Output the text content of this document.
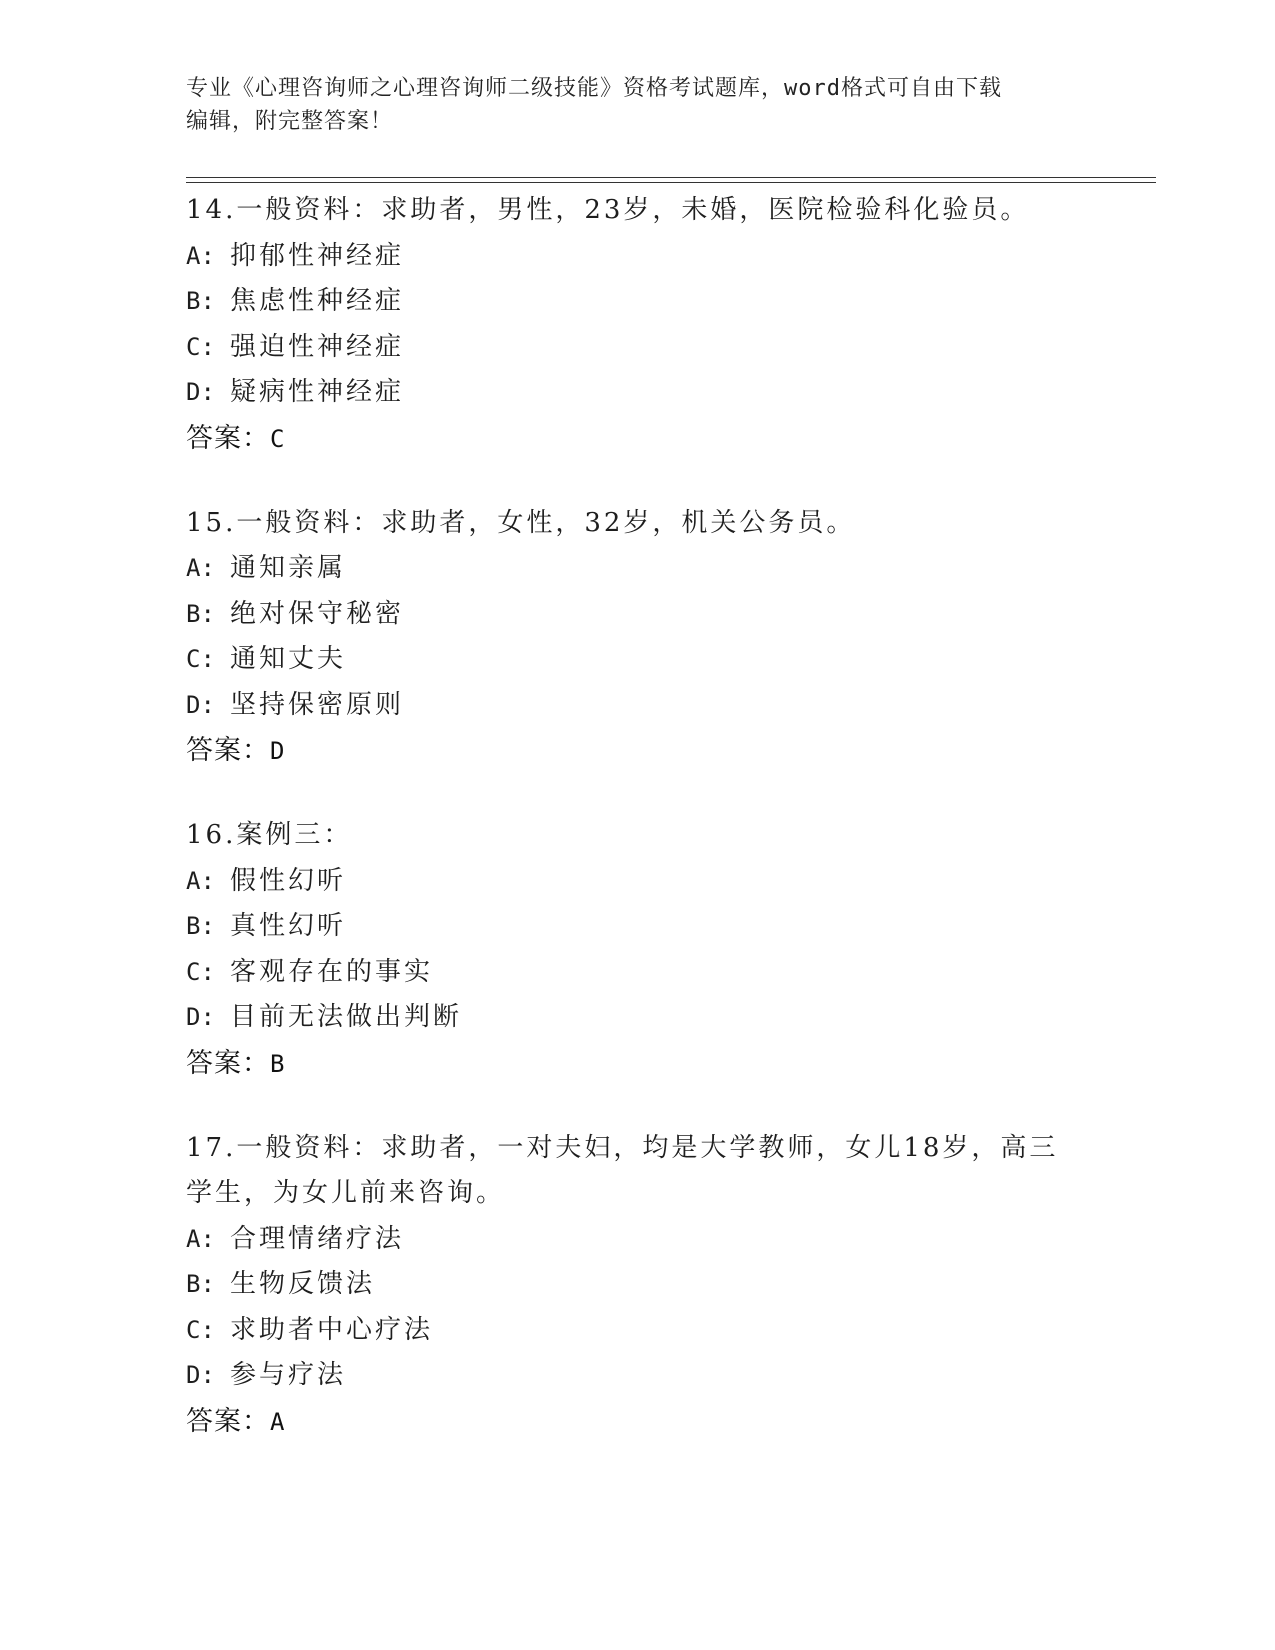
专业《心理咨询师之心理咨询师二级技能》资格考试题库，word格式可自由下载
编辑，附完整答案！
14.一般资料：求助者，男性，23岁，未婚，医院检验科化验员。
A: 抑郁性神经症
B: 焦虑性种经症
C: 强迫性神经症
D: 疑病性神经症
答案：C
15.一般资料：求助者，女性，32岁，机关公务员。
A: 通知亲属
B: 绝对保守秘密
C: 通知丈夫
D: 坚持保密原则
答案：D
16.案例三：
A: 假性幻听
B: 真性幻听
C: 客观存在的事实
D: 目前无法做出判断
答案：B
17.一般资料：求助者，一对夫妇，均是大学教师，女儿18岁，高三
学生，为女儿前来咨询。
A: 合理情绪疗法
B: 生物反馈法
C: 求助者中心疗法
D: 参与疗法
答案：A
